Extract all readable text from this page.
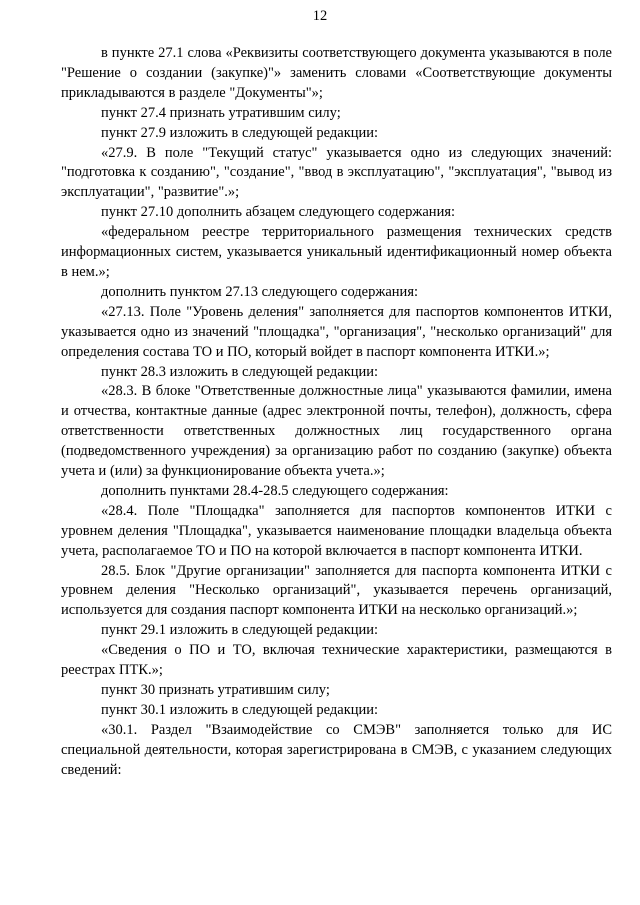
12

в пункте 27.1 слова «Реквизиты соответствующего документа указываются в поле "Решение о создании (закупке)"» заменить словами «Соответствующие документы прикладываются в разделе "Документы"»;

пункт 27.4 признать утратившим силу;

пункт 27.9 изложить в следующей редакции:

«27.9. В поле "Текущий статус" указывается одно из следующих значений: "подготовка к созданию", "создание", "ввод в эксплуатацию", "эксплуатация", "вывод из эксплуатации", "развитие".»;

пункт 27.10 дополнить абзацем следующего содержания:

«федеральном реестре территориального размещения технических средств информационных систем, указывается уникальный идентификационный номер объекта в нем.»;

дополнить пунктом 27.13 следующего содержания:

«27.13. Поле "Уровень деления" заполняется для паспортов компонентов ИТКИ, указывается одно из значений "площадка", "организация", "несколько организаций" для определения состава ТО и ПО, который войдет в паспорт компонента ИТКИ.»;

пункт 28.3 изложить в следующей редакции:

«28.3. В блоке "Ответственные должностные лица" указываются фамилии, имена и отчества, контактные данные (адрес электронной почты, телефон), должность, сфера ответственности ответственных должностных лиц государственного органа (подведомственного учреждения) за организацию работ по созданию (закупке) объекта учета и (или) за функционирование объекта учета.»;

дополнить пунктами 28.4-28.5 следующего содержания:

«28.4. Поле "Площадка" заполняется для паспортов компонентов ИТКИ с уровнем деления "Площадка", указывается наименование площадки владельца объекта учета, располагаемое ТО и ПО на которой включается в паспорт компонента ИТКИ.

28.5. Блок "Другие организации" заполняется для паспорта компонента ИТКИ с уровнем деления "Несколько организаций", указывается перечень организаций, используется для создания паспорт компонента ИТКИ на несколько организаций.»;

пункт 29.1 изложить в следующей редакции:

«Сведения о ПО и ТО, включая технические характеристики, размещаются в реестрах ПТК.»;

пункт 30 признать утратившим силу;

пункт 30.1 изложить в следующей редакции:

«30.1. Раздел "Взаимодействие со СМЭВ" заполняется только для ИС специальной деятельности, которая зарегистрирована в СМЭВ, с указанием следующих сведений:
